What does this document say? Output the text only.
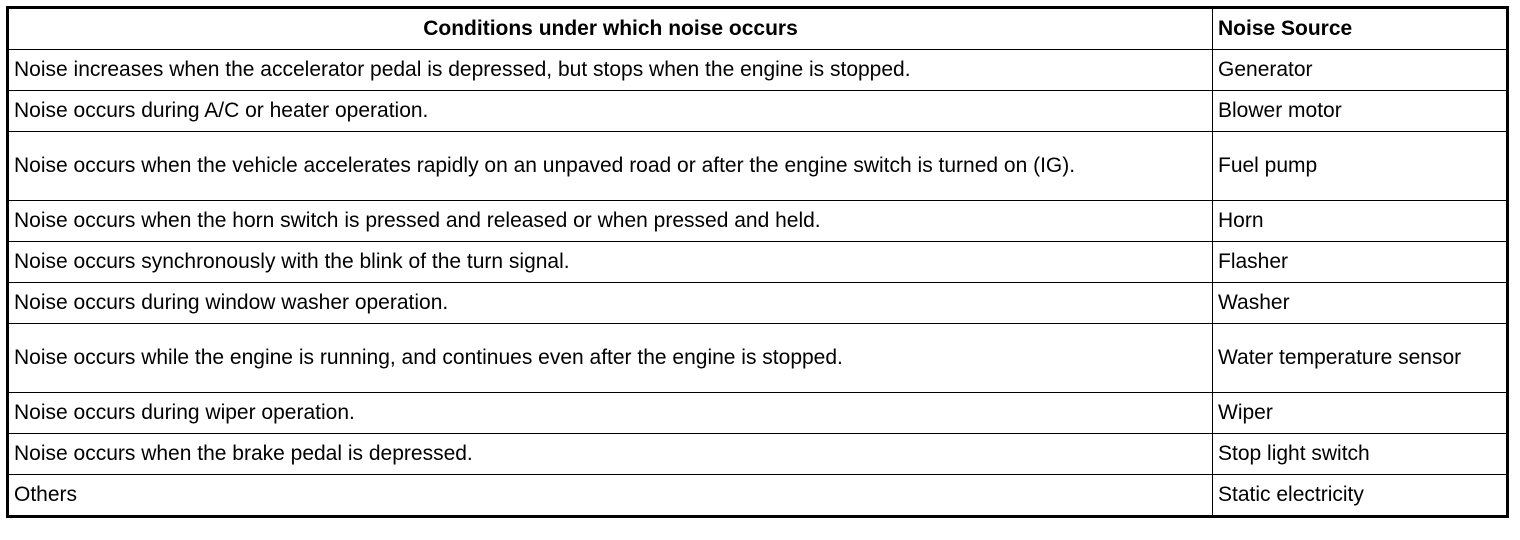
Conditions under which noise occurs	Noise Source
Noise increases when the accelerator pedal is depressed, but stops when the engine is stopped.	Generator
Noise occurs during A/C or heater operation.	Blower motor
Noise occurs when the vehicle accelerates rapidly on an unpaved road or after the engine switch is turned on (IG).	Fuel pump
Noise occurs when the horn switch is pressed and released or when pressed and held.	Horn
Noise occurs synchronously with the blink of the turn signal.	Flasher
Noise occurs during window washer operation.	Washer
Noise occurs while the engine is running, and continues even after the engine is stopped.	Water temperature sensor
Noise occurs during wiper operation.	Wiper
Noise occurs when the brake pedal is depressed.	Stop light switch
Others	Static electricity
